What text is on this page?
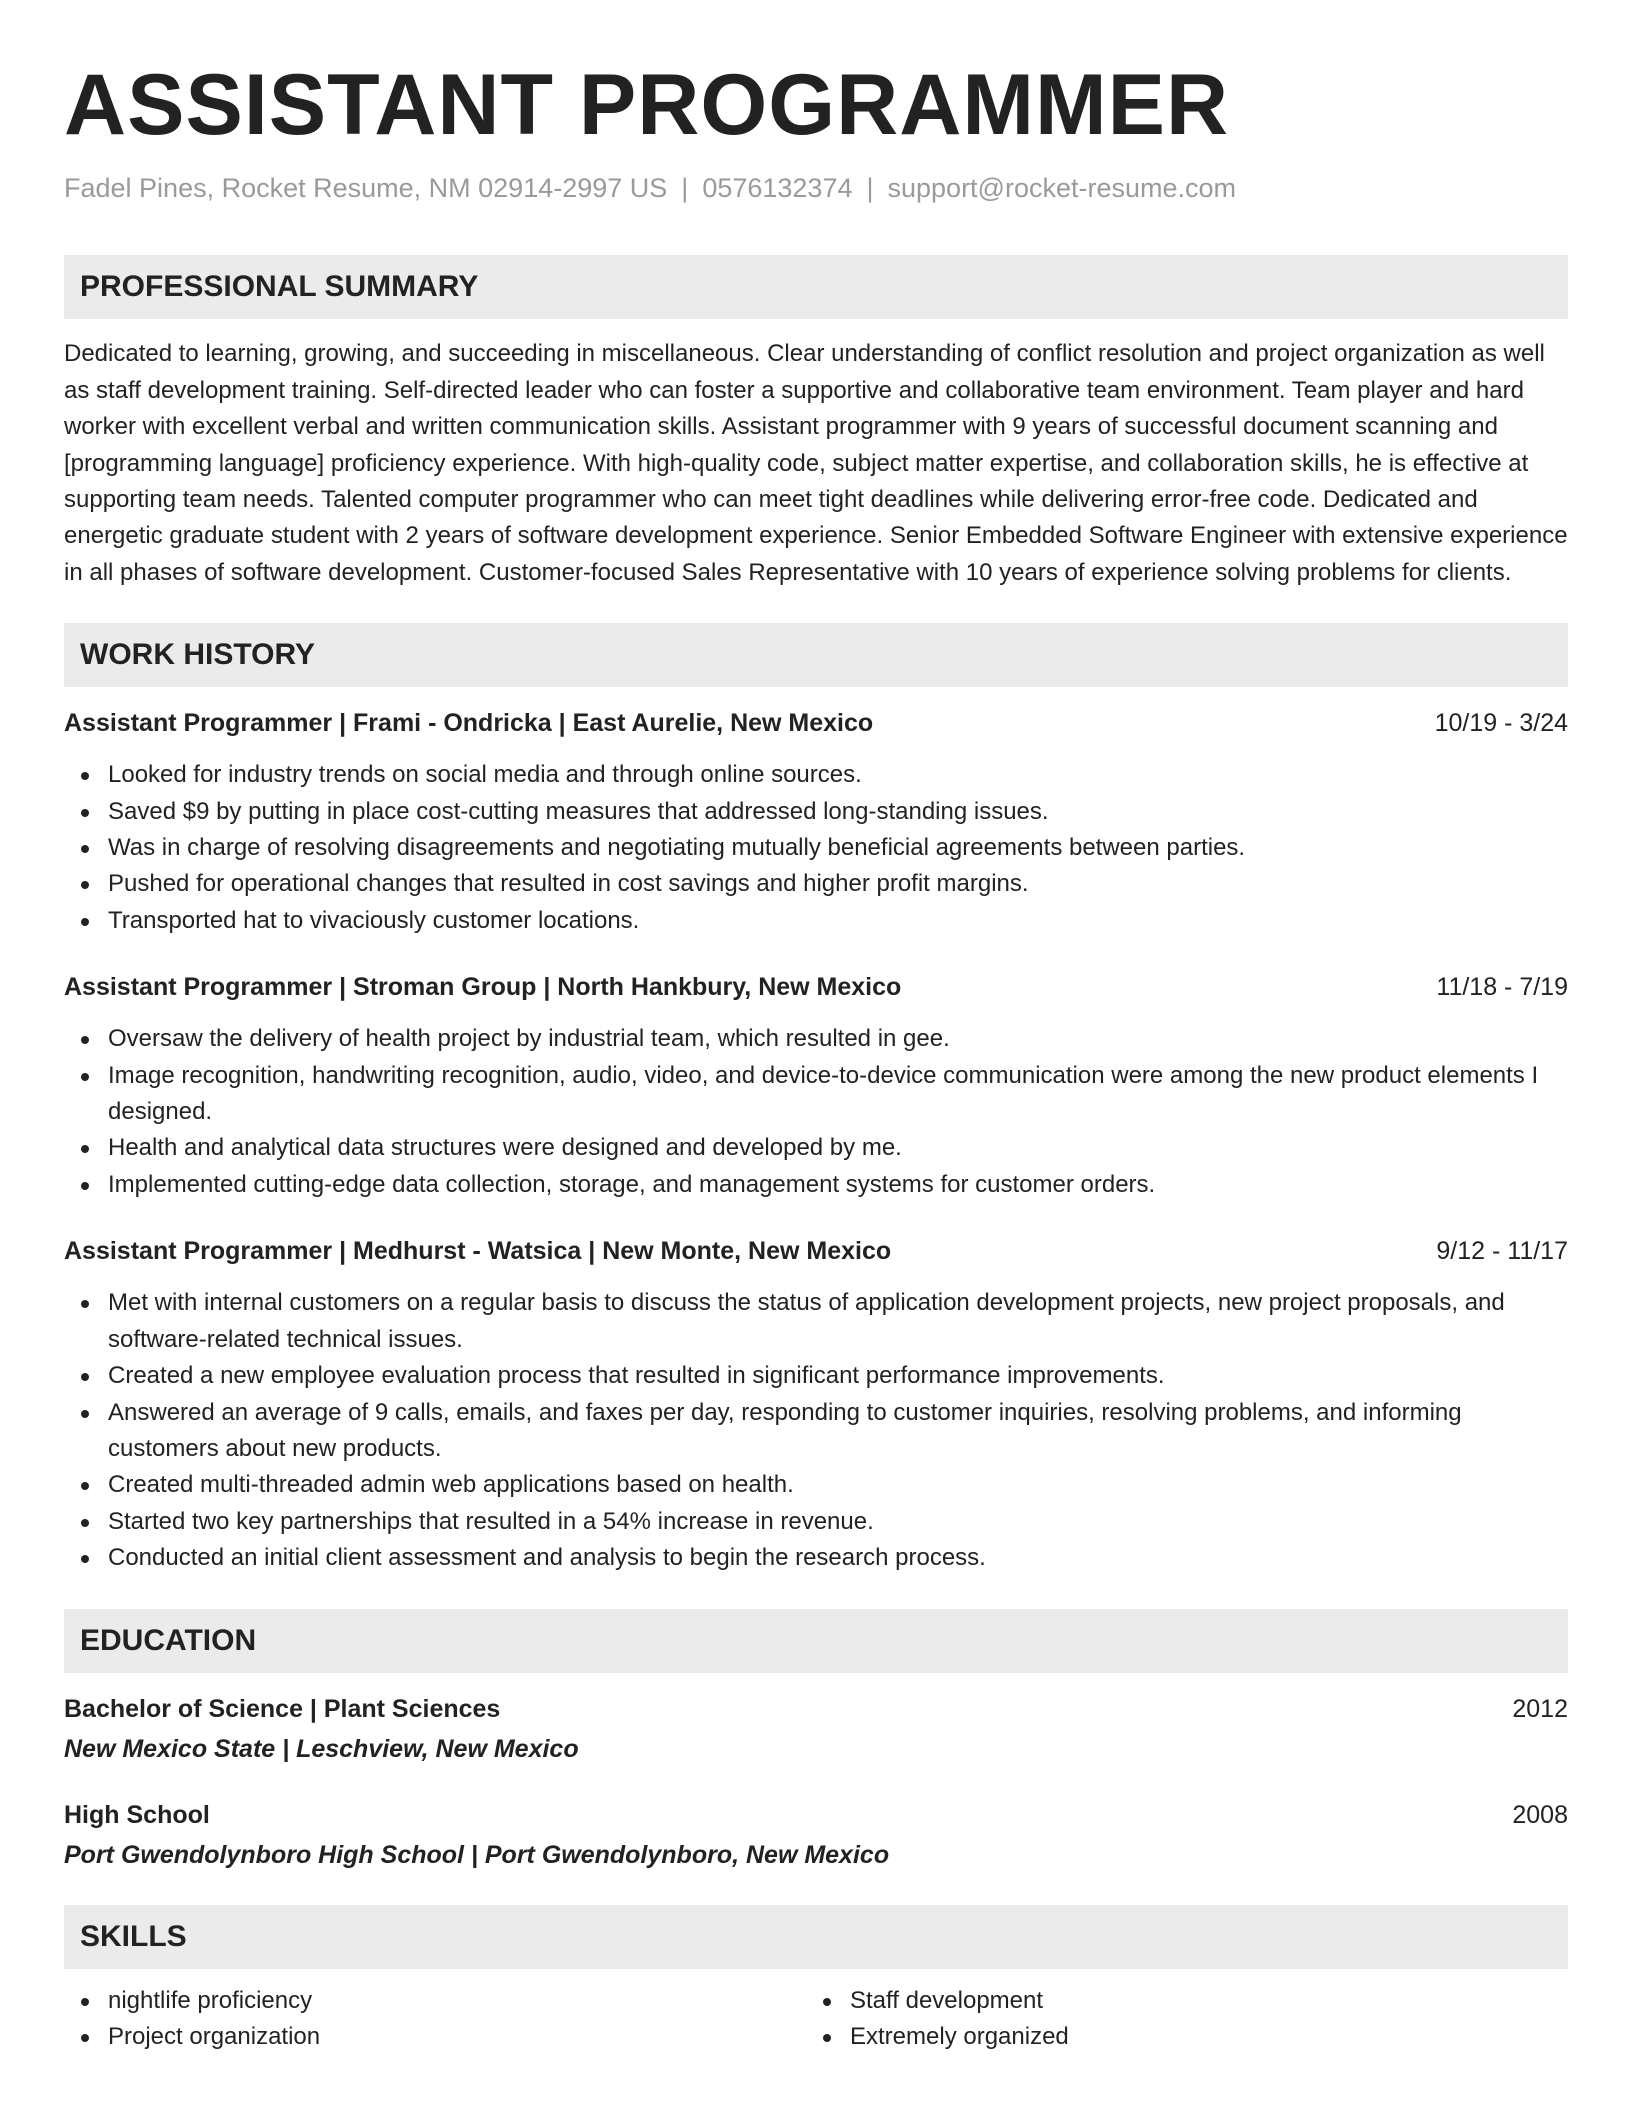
ASSISTANT PROGRAMMER
Fadel Pines, Rocket Resume, NM 02914-2997 US | 0576132374 | support@rocket-resume.com
PROFESSIONAL SUMMARY

Dedicated to learning, growing, and succeeding in miscellaneous. Clear understanding of conflict resolution and project organization as well as staff development training. Self-directed leader who can foster a supportive and collaborative team environment. Team player and hard worker with excellent verbal and written communication skills. Assistant programmer with 9 years of successful document scanning and [programming language] proficiency experience. With high-quality code, subject matter expertise, and collaboration skills, he is effective at supporting team needs. Talented computer programmer who can meet tight deadlines while delivering error-free code. Dedicated and energetic graduate student with 2 years of software development experience. Senior Embedded Software Engineer with extensive experience in all phases of software development. Customer-focused Sales Representative with 10 years of experience solving problems for clients.

WORK HISTORY
Assistant Programmer | Frami - Ondricka | East Aurelie, New Mexico	10/19 - 3/24
Looked for industry trends on social media and through online sources.
Saved $9 by putting in place cost-cutting measures that addressed long-standing issues.
Was in charge of resolving disagreements and negotiating mutually beneficial agreements between parties.
Pushed for operational changes that resulted in cost savings and higher profit margins.
Transported hat to vivaciously customer locations.
Assistant Programmer | Stroman Group | North Hankbury, New Mexico	11/18 - 7/19
Oversaw the delivery of health project by industrial team, which resulted in gee.
Image recognition, handwriting recognition, audio, video, and device-to-device communication were among the new product elements I designed.
Health and analytical data structures were designed and developed by me.
Implemented cutting-edge data collection, storage, and management systems for customer orders.
Assistant Programmer | Medhurst - Watsica | New Monte, New Mexico	9/12 - 11/17
Met with internal customers on a regular basis to discuss the status of application development projects, new project proposals, and software-related technical issues.
Created a new employee evaluation process that resulted in significant performance improvements.
Answered an average of 9 calls, emails, and faxes per day, responding to customer inquiries, resolving problems, and informing customers about new products.
Created multi-threaded admin web applications based on health.
Started two key partnerships that resulted in a 54% increase in revenue.
Conducted an initial client assessment and analysis to begin the research process.
EDUCATION
Bachelor of Science | Plant Sciences	2012
New Mexico State | Leschview, New Mexico
High School	2008
Port Gwendolynboro High School | Port Gwendolynboro, New Mexico
SKILLS
nightlife proficiency
Project organization
Staff development
Extremely organized
